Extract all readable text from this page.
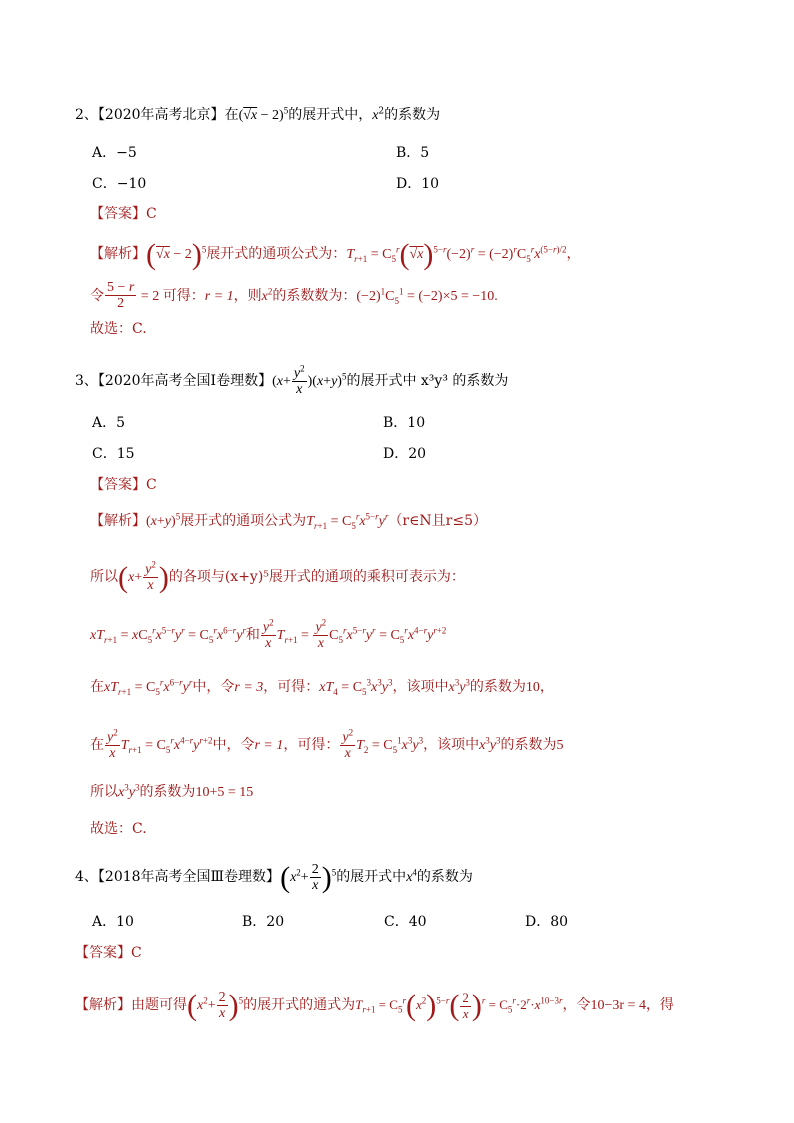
2、【2020年高考北京】在$(√x - 2)^5$的展开式中，$x^2$的系数为
A．−5	B．5
C．−10	D．10
【答案】C
【解析】$(√x - 2)^5$展开式的通项公式为：$T_{r+1} = C_5^r(√x)^{5-r}(-2)^r = (-2)^rC_5^rx^{(5-r)/2}$，
令 $\frac{5 - r}{2} = 2$ 可得：r = 1，则$x^2$的系数数为：$(-2)^1C_5^1 = (-2)\times 5 = -10$.
故选：C.
3、【2020年高考全国Ⅰ卷理数】$(x+ \frac{y^2}{x} )(x+y)^5$的展开式中 x³y³ 的系数为
A．5	B．10
C．15	D．20
【答案】C
【解析】$(x+y)^5$展开式的通项公式为$T_{r+1}$ = $C_5^rx^{5-r}y^r(r\in N$且r≤5）
所以($x+ \frac{y^2}{x}$ )的各项与(x+y)⁵展开式的通项的乘积可表示为：
$xT_{r+1} = xC_5^rx^{5-r}y^r = C_5^rx^{6-r}y^r$和 $\frac{y^2}{x} T_{r+1} = \frac{y^2}{x} C_5^rx^{5-r}y^r = C_5^rx^{4-r}y^{r+2}$
在$xT_{r+1} = C_5^rx^{6-r}y^r$中，令r = 3，可得：$xT_4 = C_5^3x^3y^3$，该项中$x^3y^3$的系数为10，
在 $\frac{y^2}{x} T_{r+1} = C_5^rx^{4-r}y^{r+2}$中，令r = 1，可得： $\frac{y^2}{x} T_2 = C_5^1x^3y^3$，该项中$x^3y^3$的系数为5
所以$x^3y^3$的系数为10+5 = 15
故选：C.
4、【2018年高考全国Ⅲ卷理数】$(x^2+ \frac{2}{x} )^5$的展开式中$x^4$的系数为
A．10	B．20	C．40	D．80
【答案】C
【解析】由题可得$(x^2+ \frac{2}{x} )^5$的展开式的通式为$T_{r+1} = C_5^r(x^2)^{5-r}( \frac{2}{x} )^r = C_5^r\cdot 2^r\cdot x^{10-3r}$，令10−3r = 4，得
